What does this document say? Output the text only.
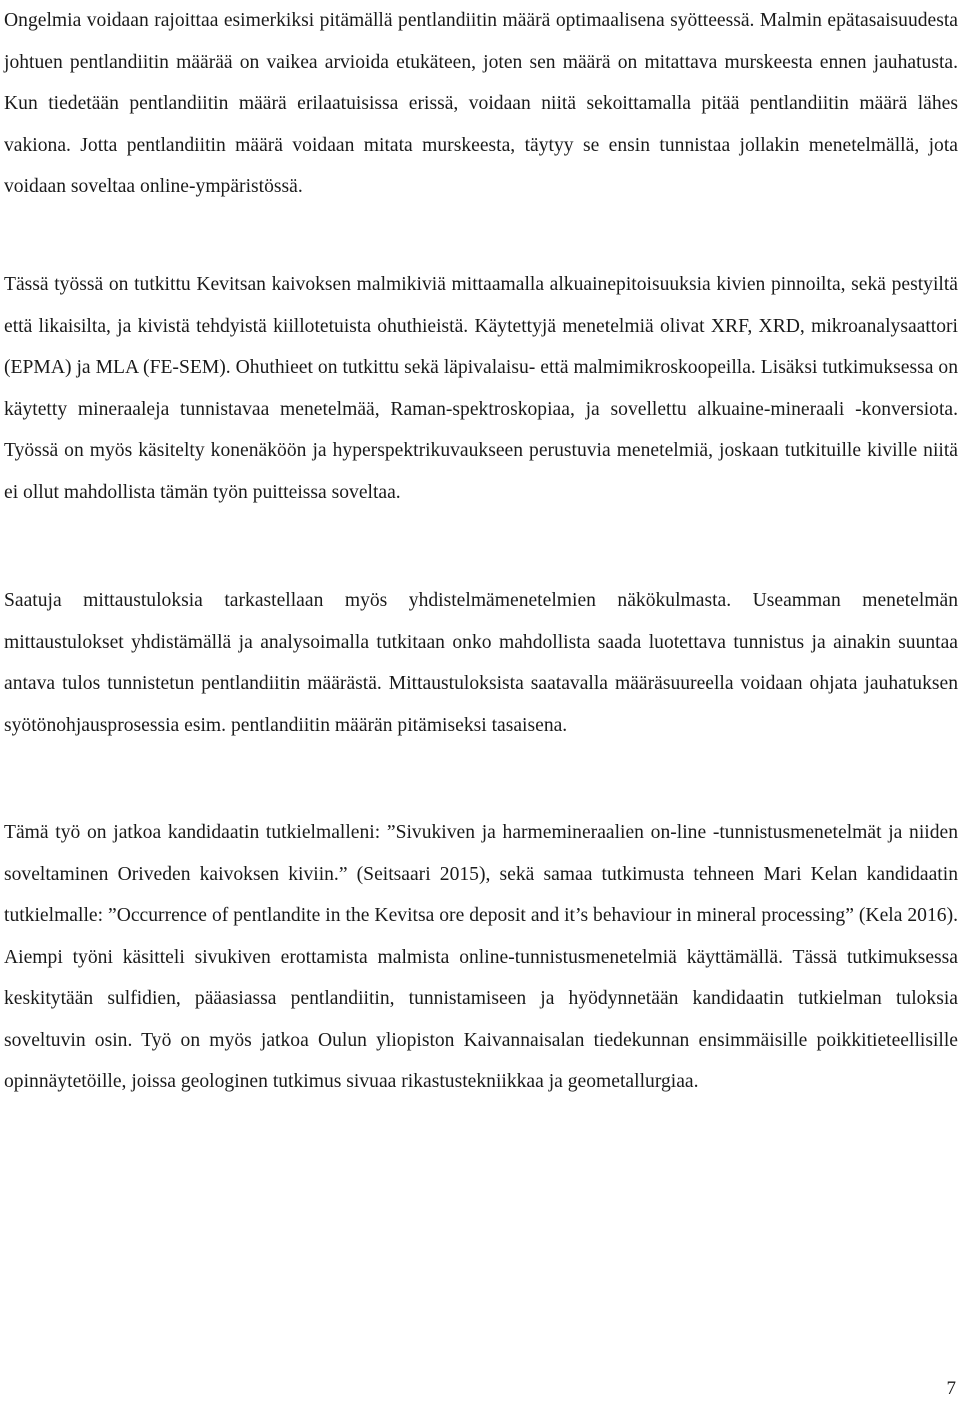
Ongelmia voidaan rajoittaa esimerkiksi pitämällä pentlandiitin määrä optimaalisena syötteessä. Malmin epätasaisuudesta johtuen pentlandiitin määrää on vaikea arvioida etukäteen, joten sen määrä on mitattava murskeesta ennen jauhatusta. Kun tiedetään pentlandiitin määrä erilaatuisissa erissä, voidaan niitä sekoittamalla pitää pentlandiitin määrä lähes vakiona. Jotta pentlandiitin määrä voidaan mitata murskeesta, täytyy se ensin tunnistaa jollakin menetelmällä, jota voidaan soveltaa online-ympäristössä.

Tässä työssä on tutkittu Kevitsan kaivoksen malmikiviä mittaamalla alkuainepitoisuuksia kivien pinnoilta, sekä pestyiltä että likaisilta, ja kivistä tehdyistä kiillotetuista ohuthieistä. Käytettyjä menetelmiä olivat XRF, XRD, mikroanalysaattori (EPMA) ja MLA (FE-SEM). Ohuthieet on tutkittu sekä läpivalaisu- että malmimikroskoopeilla. Lisäksi tutkimuksessa on käytetty mineraaleja tunnistavaa menetelmää, Raman-spektroskopiaa, ja sovellettu alkuaine-mineraali -konversiota. Työssä on myös käsitelty konenäköön ja hyperspektrikuvaukseen perustuvia menetelmiä, joskaan tutkituille kiville niitä ei ollut mahdollista tämän työn puitteissa soveltaa.

Saatuja mittaustuloksia tarkastellaan myös yhdistelmämenetelmien näkökulmasta. Useamman menetelmän mittaustulokset yhdistämällä ja analysoimalla tutkitaan onko mahdollista saada luotettava tunnistus ja ainakin suuntaa antava tulos tunnistetun pentlandiitin määrästä. Mittaustuloksista saatavalla määräsuureella voidaan ohjata jauhatuksen syötönohjausprosessia esim. pentlandiitin määrän pitämiseksi tasaisena.

Tämä työ on jatkoa kandidaatin tutkielmalleni: ”Sivukiven ja harmemineraalien on-line -tunnistusmenetelmät ja niiden soveltaminen Oriveden kaivoksen kiviin.” (Seitsaari 2015), sekä samaa tutkimusta tehneen Mari Kelan kandidaatin tutkielmalle: ”Occurrence of pentlandite in the Kevitsa ore deposit and it’s behaviour in mineral processing” (Kela 2016). Aiempi työni käsitteli sivukiven erottamista malmista online-tunnistusmenetelmiä käyttämällä. Tässä tutkimuksessa keskitytään sulfidien, pääasiassa pentlandiitin, tunnistamiseen ja hyödynnetään kandidaatin tutkielman tuloksia soveltuvin osin. Työ on myös jatkoa Oulun yliopiston Kaivannaisalan tiedekunnan ensimmäisille poikkitieteellisille opinnäytetöille, joissa geologinen tutkimus sivuaa rikastustekniikkaa ja geometallurgiaa.

7
